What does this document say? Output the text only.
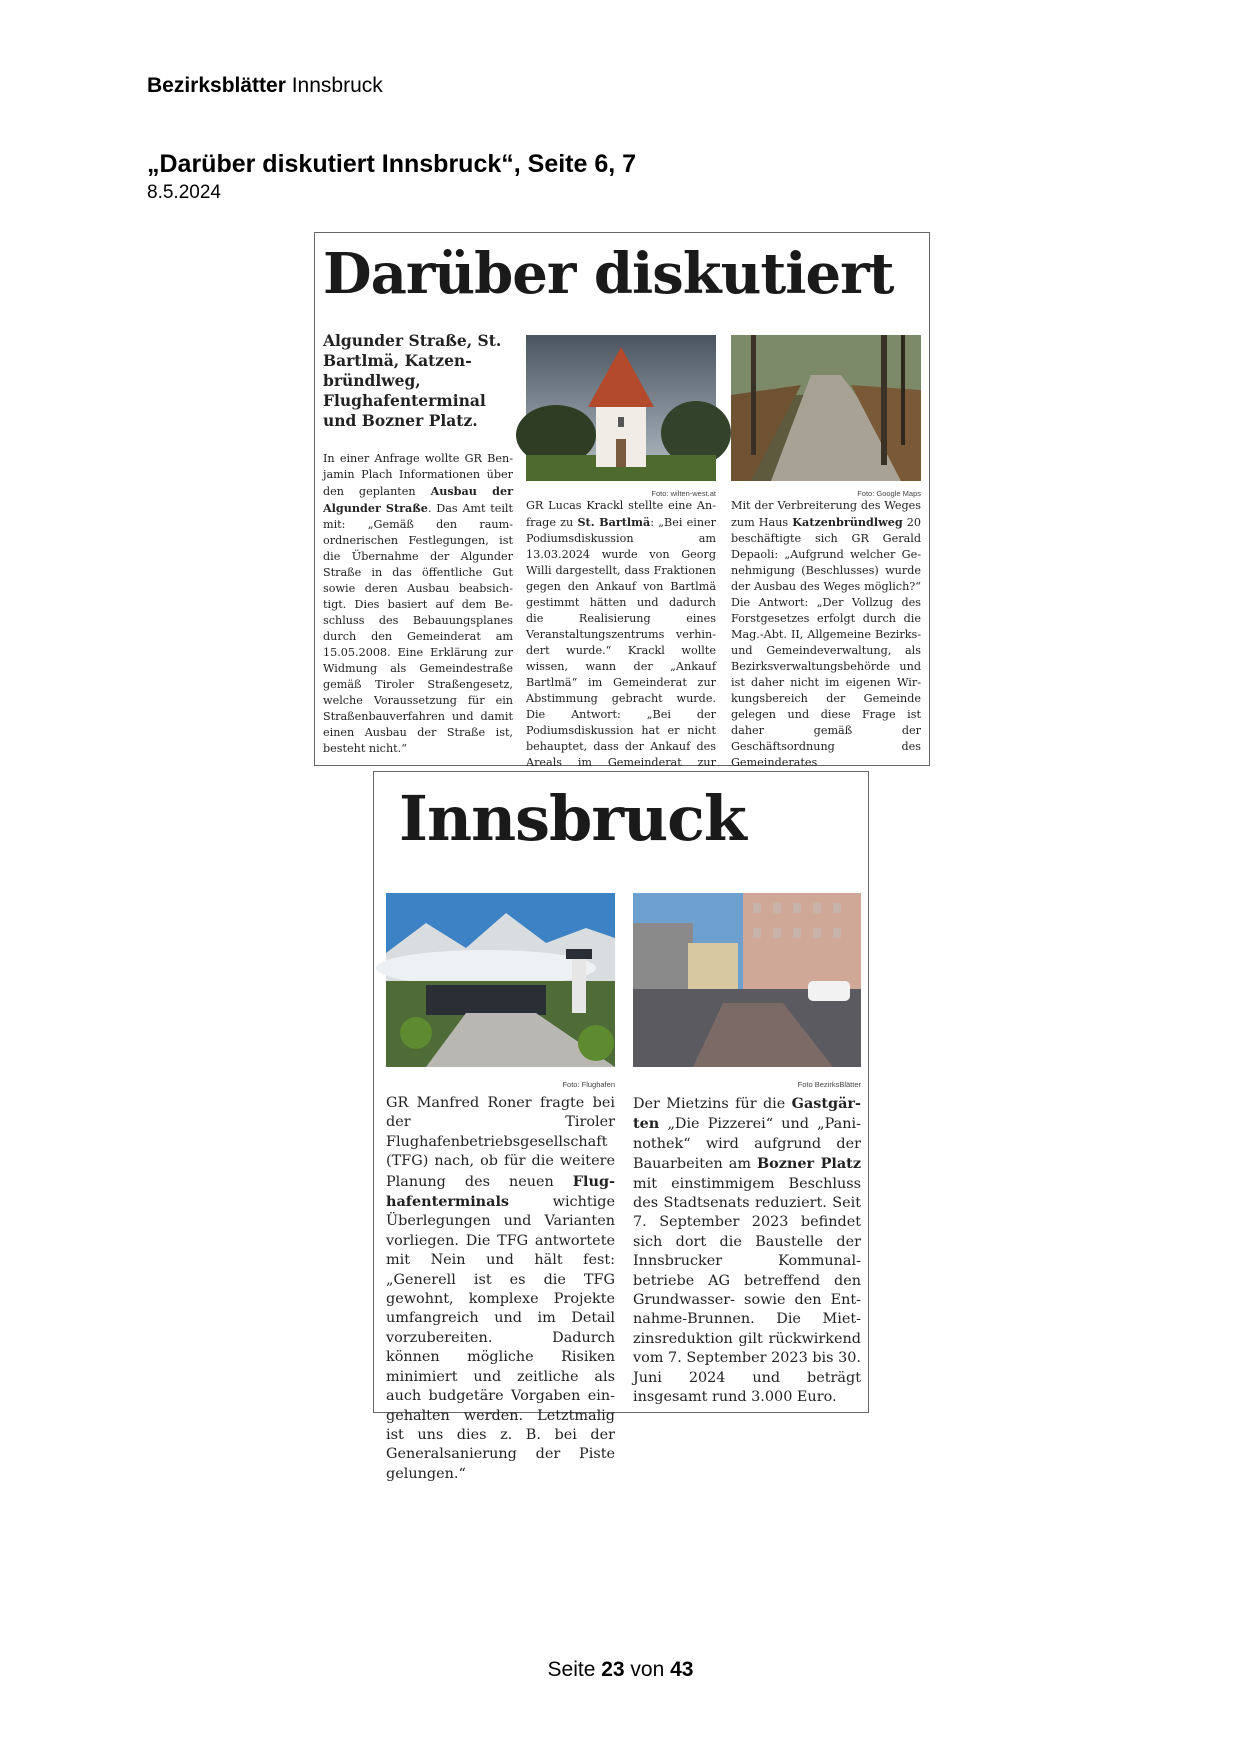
Bezirksblätter Innsbruck
„Darüber diskutiert Innsbruck“, Seite 6, 7
8.5.2024
Darüber diskutiert
Algunder Straße, St. Bartlmä, Katzenbründlweg, Flughafenterminal und Bozner Platz.
Foto: wilten-west.at	Foto: Google Maps
In einer Anfrage wollte GR Benjamin Plach Informationen über den geplanten Ausbau der Algunder Straße. Das Amt teilt mit: „Gemäß den raumordnerischen Festlegungen, ist die Übernahme der Algunder Straße in das öffentliche Gut sowie deren Ausbau beabsichtigt. Dies basiert auf dem Beschluss des Bebauungsplanes durch den Gemeinderat am 15.05.2008. Eine Erklärung zur Widmung als Gemeindestraße gemäß Tiroler Straßengesetz, welche Voraussetzung für ein Straßenbauverfahren und damit einen Ausbau der Straße ist, besteht nicht.“
GR Lucas Krackl stellte eine Anfrage zu St. Bartlmä: „Bei einer Podiumsdiskussion am 13.03.2024 wurde von Georg Willi dargestellt, dass Fraktionen gegen den Ankauf von Bartlmä gestimmt hätten und dadurch die Realisierung eines Veranstaltungszentrums verhindert wurde.“ Krackl wollte wissen, wann der „Ankauf Bartlmä“ im Gemeinderat zur Abstimmung gebracht wurde. Die Antwort: „Bei der Podiumsdiskussion hat er nicht behauptet, dass der Ankauf des Areals im Gemeinderat zur
Mit der Verbreiterung des Weges zum Haus Katzenbründlweg 20 beschäftigte sich GR Gerald Depaoli: „Aufgrund welcher Genehmigung (Beschlusses) wurde der Ausbau des Weges möglich?“ Die Antwort: „Der Vollzug des Forstgesetzes erfolgt durch die Mag.-Abt. II, Allgemeine Bezirks- und Gemeindeverwaltung, als Bezirksverwaltungsbehörde und ist daher nicht im eigenen Wirkungsbereich der Gemeinde gelegen und diese Frage ist daher gemäß der Geschäftsordnung des Gemeinderates
Innsbruck
Foto: Flughafen	Foto BezirksBlätter
GR Manfred Roner fragte bei der Tiroler Flughafenbetriebsgesellschaft (TFG) nach, ob für die weitere Planung des neuen Flughafenterminals wichtige Überlegungen und Varianten vorliegen. Die TFG antwortete mit Nein und hält fest: „Generell ist es die TFG gewohnt, komplexe Projekte umfangreich und im Detail vorzubereiten. Dadurch können mögliche Risiken minimiert und zeitliche als auch budgetäre Vorgaben eingehalten werden. Letztmalig ist uns dies z. B. bei der Generalsanierung der Piste gelungen.“
Der Mietzins für die Gastgärten „Die Pizzerei“ und „Paninothek“ wird aufgrund der Bauarbeiten am Bozner Platz mit einstimmigem Beschluss des Stadtsenats reduziert. Seit 7. September 2023 befindet sich dort die Baustelle der Innsbrucker Kommunalbetriebe AG betreffend den Grundwasser- sowie den Entnahme-Brunnen. Die Mietzinsreduktion gilt rückwirkend vom 7. September 2023 bis 30. Juni 2024 und beträgt insgesamt rund 3.000 Euro.
Seite 23 von 43
